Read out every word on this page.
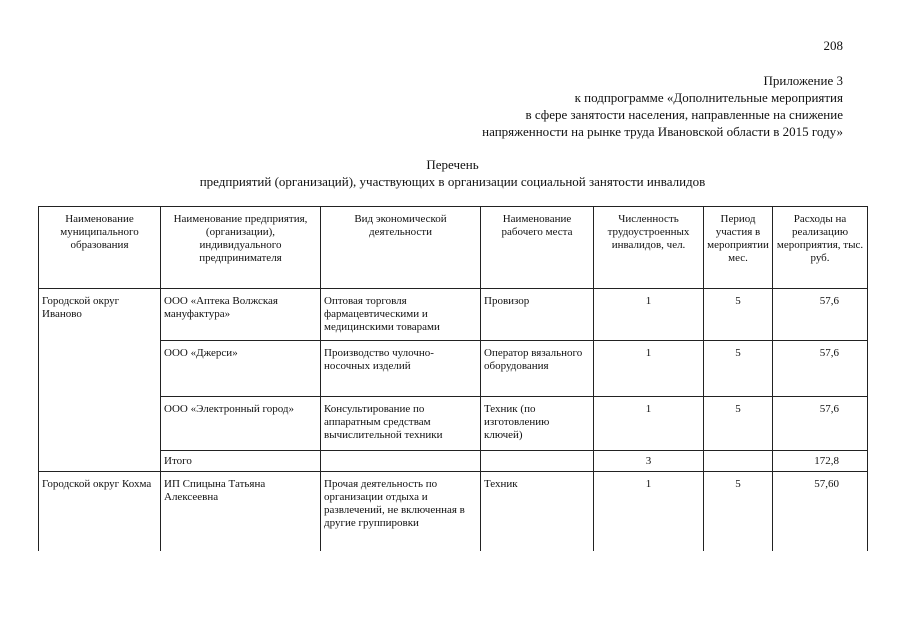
208
Приложение 3
к подпрограмме «Дополнительные мероприятия
в сфере занятости населения, направленные на снижение
напряженности на рынке труда Ивановской области в 2015 году»
Перечень
предприятий (организаций), участвующих в организации социальной занятости инвалидов
Наименование муниципального образования	Наименование предприятия, (организации), индивидуального предпринимателя	Вид экономической деятельности	Наименование рабочего места	Численность трудоустроенных инвалидов, чел.	Период участия в мероприятии мес.	Расходы на реализацию мероприятия, тыс. руб.
Городской округ Иваново	ООО «Аптека Волжская мануфактура»	Оптовая торговля фармацевтическими и медицинскими товарами	Провизор	1	5	57,6
	ООО «Джерси»	Производство чулочно-носочных изделий	Оператор вязального оборудования	1	5	57,6
	ООО «Электронный город»	Консультирование по аппаратным средствам вычислительной техники	Техник (по изготовлению ключей)	1	5	57,6
	Итого			3		172,8
Городской округ Кохма	ИП Спицына Татьяна Алексеевна	Прочая деятельность по организации отдыха и развлечений, не включенная в другие группировки	Техник	1	5	57,60
